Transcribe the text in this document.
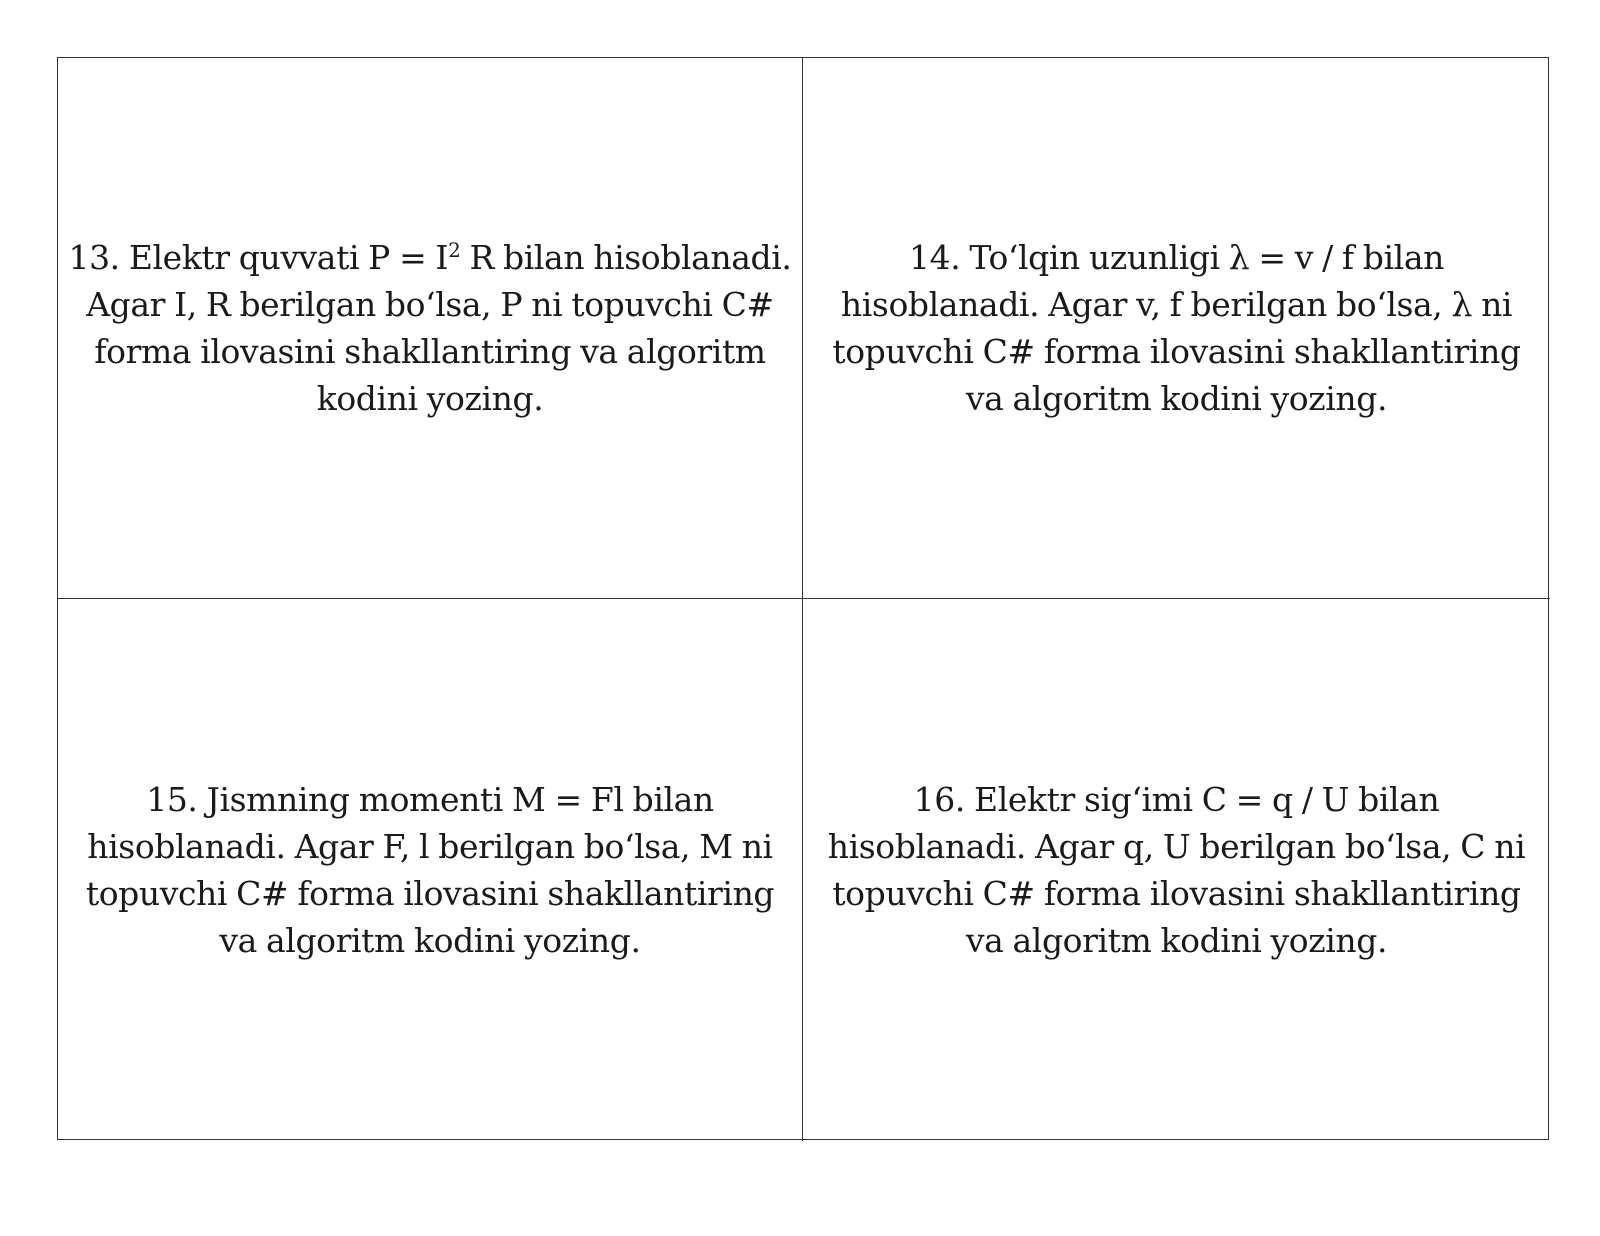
13. Elektr quvvati $P = I^2$ R bilan hisoblanadi.
Agar I, R berilgan bo‘lsa, P ni topuvchi C#
forma ilovasini shakllantiring va algoritm
kodini yozing.

14. To‘lqin uzunligi λ = v / f bilan
hisoblanadi. Agar v, f berilgan bo‘lsa, λ ni
topuvchi C# forma ilovasini shakllantiring
va algoritm kodini yozing.

15. Jismning momenti M = Fl bilan
hisoblanadi. Agar F, l berilgan bo‘lsa, M ni
topuvchi C# forma ilovasini shakllantiring
va algoritm kodini yozing.

16. Elektr sig‘imi C = q / U bilan
hisoblanadi. Agar q, U berilgan bo‘lsa, C ni
topuvchi C# forma ilovasini shakllantiring
va algoritm kodini yozing.
